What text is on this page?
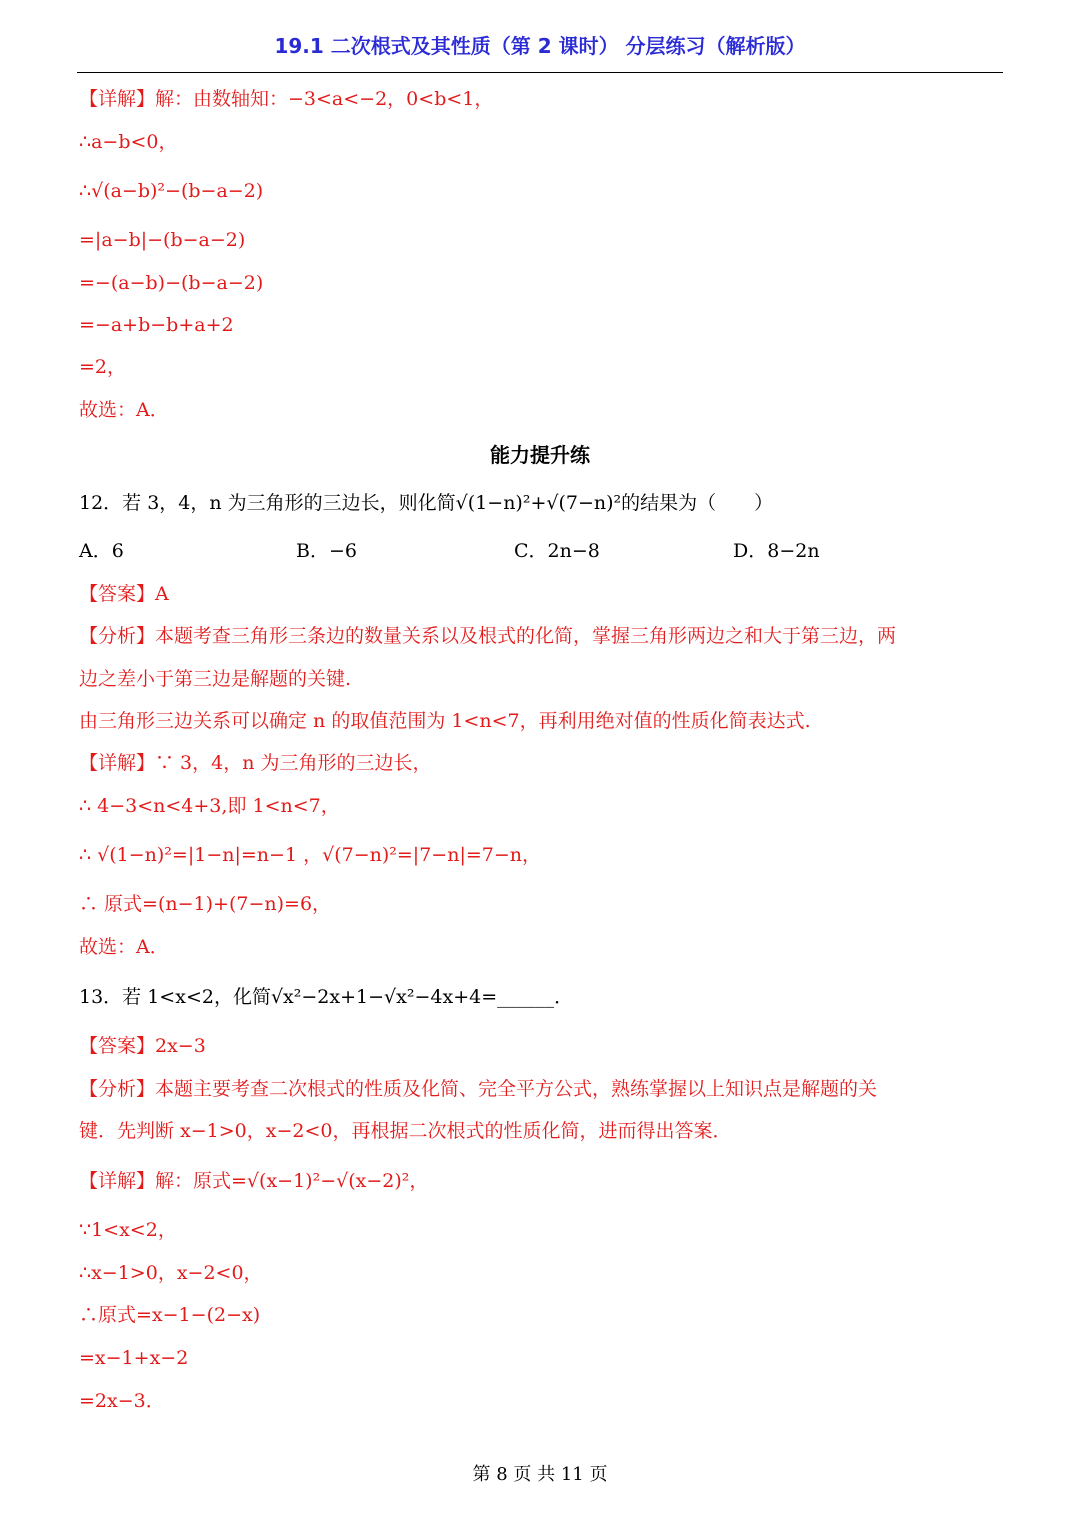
19.1 二次根式及其性质（第 2 课时） 分层练习（解析版）
【详解】解：由数轴知：−3<a<−2，0<b<1，
∴a−b<0，
∴√(a−b)²−(b−a−2)
=|a−b|−(b−a−2)
=−(a−b)−(b−a−2)
=−a+b−b+a+2
=2，
故选：A．
能力提升练
12．若 3，4，n 为三角形的三边长，则化简√(1−n)²+√(7−n)²的结果为（　　）
A．6	B．−6	C．2n−8	D．8−2n
【答案】A
【分析】本题考查三角形三条边的数量关系以及根式的化简，掌握三角形两边之和大于第三边，两
边之差小于第三边是解题的关键.
由三角形三边关系可以确定 n 的取值范围为 1<n<7，再利用绝对值的性质化简表达式.
【详解】∵ 3，4，n 为三角形的三边长，
∴ 4−3<n<4+3,即 1<n<7，
∴ √(1−n)²=|1−n|=n−1 ，√(7−n)²=|7−n|=7−n，
∴ 原式=(n−1)+(7−n)=6，
故选：A．
13．若 1<x<2，化简√x²−2x+1−√x²−4x+4=______．
【答案】2x−3
【分析】本题主要考查二次根式的性质及化简、完全平方公式，熟练掌握以上知识点是解题的关
键．先判断 x−1>0，x−2<0，再根据二次根式的性质化简，进而得出答案．
【详解】解：原式=√(x−1)²−√(x−2)²，
∵1<x<2，
∴x−1>0，x−2<0，
∴原式=x−1−(2−x)
=x−1+x−2
=2x−3．
第 8 页 共 11 页
